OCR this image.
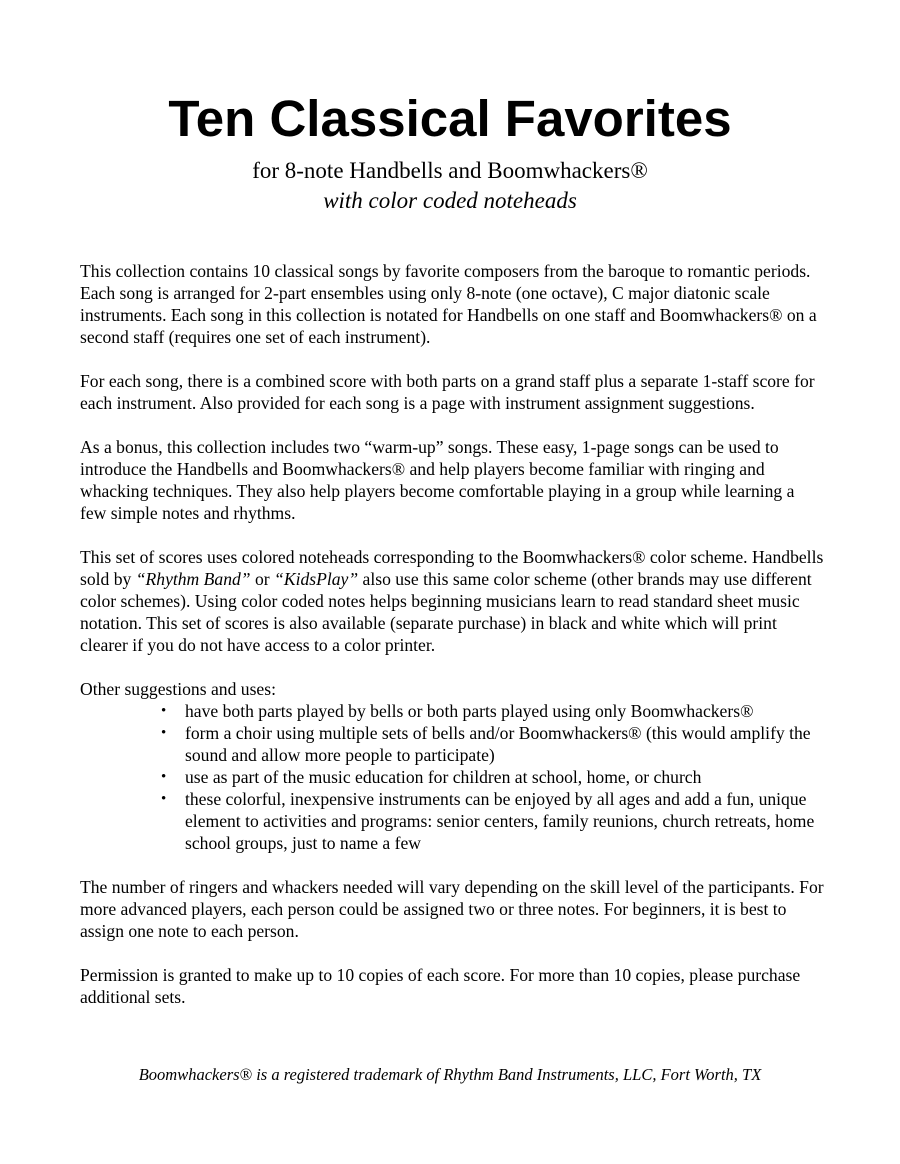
Ten Classical Favorites
for 8-note Handbells and Boomwhackers®
with color coded noteheads

This collection contains 10 classical songs by favorite composers from the baroque to romantic periods. Each song is arranged for 2-part ensembles using only 8-note (one octave), C major diatonic scale instruments. Each song in this collection is notated for Handbells on one staff and Boomwhackers® on a second staff (requires one set of each instrument).

For each song, there is a combined score with both parts on a grand staff plus a separate 1-staff score for each instrument. Also provided for each song is a page with instrument assignment suggestions.

As a bonus, this collection includes two “warm-up” songs. These easy, 1-page songs can be used to introduce the Handbells and Boomwhackers® and help players become familiar with ringing and whacking techniques. They also help players become comfortable playing in a group while learning a few simple notes and rhythms.

This set of scores uses colored noteheads corresponding to the Boomwhackers® color scheme. Handbells sold by “Rhythm Band” or “KidsPlay” also use this same color scheme (other brands may use different color schemes). Using color coded notes helps beginning musicians learn to read standard sheet music notation. This set of scores is also available (separate purchase) in black and white which will print clearer if you do not have access to a color printer.

Other suggestions and uses:

• have both parts played by bells or both parts played using only Boomwhackers®
• form a choir using multiple sets of bells and/or Boomwhackers® (this would amplify the sound and allow more people to participate)
• use as part of the music education for children at school, home, or church
• these colorful, inexpensive instruments can be enjoyed by all ages and add a fun, unique element to activities and programs: senior centers, family reunions, church retreats, home school groups, just to name a few

The number of ringers and whackers needed will vary depending on the skill level of the participants. For more advanced players, each person could be assigned two or three notes. For beginners, it is best to assign one note to each person.

Permission is granted to make up to 10 copies of each score. For more than 10 copies, please purchase additional sets.

Boomwhackers® is a registered trademark of Rhythm Band Instruments, LLC, Fort Worth, TX
